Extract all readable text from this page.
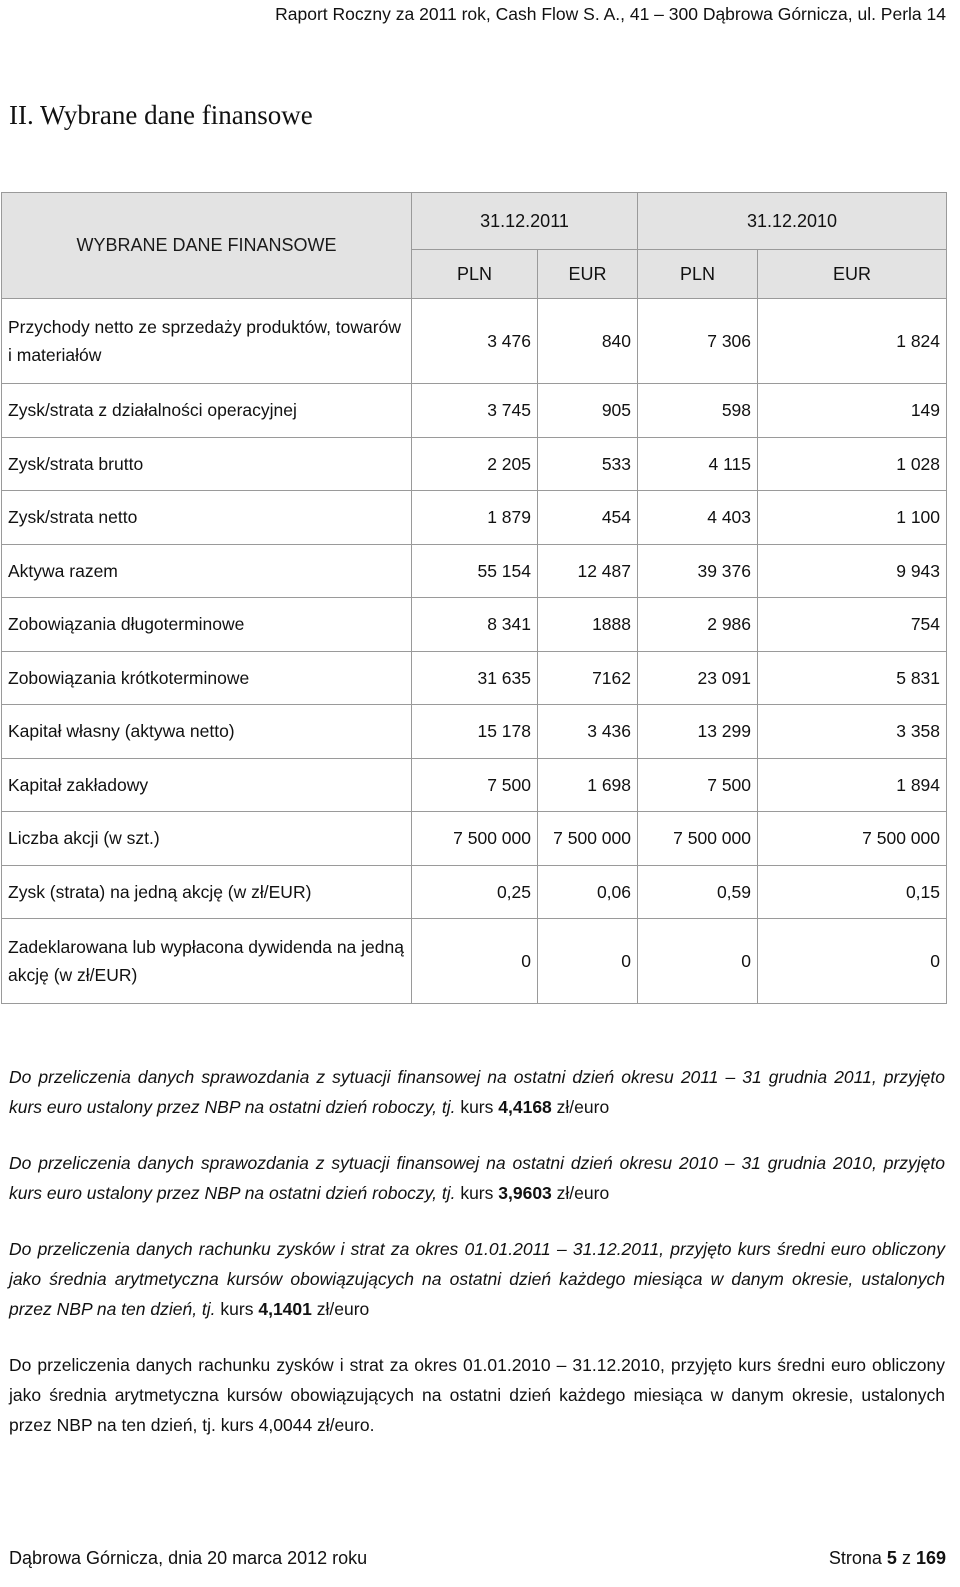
Raport Roczny za 2011 rok, Cash Flow S. A., 41 – 300 Dąbrowa Górnicza, ul. Perla 14
II. Wybrane dane finansowe
WYBRANE DANE FINANSOWE	31.12.2011		31.12.2010	
	PLN	EUR	PLN	EUR
Przychody netto ze sprzedaży produktów, towarów i materiałów	3 476	840	7 306	1 824
Zysk/strata z działalności operacyjnej	3 745	905	598	149
Zysk/strata brutto	2 205	533	4 115	1 028
Zysk/strata netto	1 879	454	4 403	1 100
Aktywa razem	55 154	12 487	39 376	9 943
Zobowiązania długoterminowe	8 341	1888	2 986	754
Zobowiązania krótkoterminowe	31 635	7162	23 091	5 831
Kapitał własny (aktywa netto)	15 178	3 436	13 299	3 358
Kapitał zakładowy	7 500	1 698	7 500	1 894
Liczba akcji (w szt.)	7 500 000	7 500 000	7 500 000	7 500 000
Zysk (strata) na jedną akcję (w zł/EUR)	0,25	0,06	0,59	0,15
Zadeklarowana lub wypłacona dywidenda na jedną akcję (w zł/EUR)	0	0	0	0

Do przeliczenia danych sprawozdania z sytuacji finansowej na ostatni dzień okresu 2011 – 31 grudnia 2011, przyjęto kurs euro ustalony przez NBP na ostatni dzień roboczy, tj. kurs 4,4168 zł/euro

Do przeliczenia danych sprawozdania z sytuacji finansowej na ostatni dzień okresu 2010 – 31 grudnia 2010, przyjęto kurs euro ustalony przez NBP na ostatni dzień roboczy, tj. kurs 3,9603 zł/euro

Do przeliczenia danych rachunku zysków i strat za okres 01.01.2011 – 31.12.2011, przyjęto kurs średni euro obliczony jako średnia arytmetyczna kursów obowiązujących na ostatni dzień każdego miesiąca w danym okresie, ustalonych przez NBP na ten dzień, tj. kurs 4,1401 zł/euro

Do przeliczenia danych rachunku zysków i strat za okres 01.01.2010 – 31.12.2010, przyjęto kurs średni euro obliczony jako średnia arytmetyczna kursów obowiązujących na ostatni dzień każdego miesiąca w danym okresie, ustalonych przez NBP na ten dzień, tj. kurs 4,0044 zł/euro.

Dąbrowa Górnicza, dnia 20 marca 2012 roku	Strona 5 z 169
